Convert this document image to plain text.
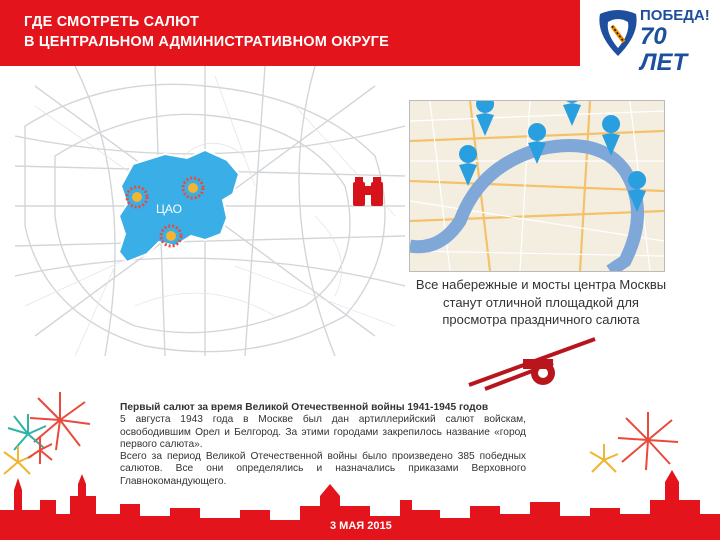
ГДЕ СМОТРЕТЬ САЛЮТ
В ЦЕНТРАЛЬНОМ АДМИНИСТРАТИВНОМ ОКРУГЕ
ПОБЕДА!
70 ЛЕТ
ЦАО
Все набережные и мосты центра Москвы станут отличной площадкой для просмотра праздничного салюта
Первый салют за время Великой Отечественной войны 1941-1945 годов

5 августа 1943 года в Москве был дан артиллерийский салют войскам, освободившим Орел и Белгород. За этими городами закрепилось название «город первого салюта».

Всего за период Великой Отечественной войны было произведено 385 победных салютов. Все они определялись и назначались приказами Верховного Главнокомандующего.

3 МАЯ 2015
